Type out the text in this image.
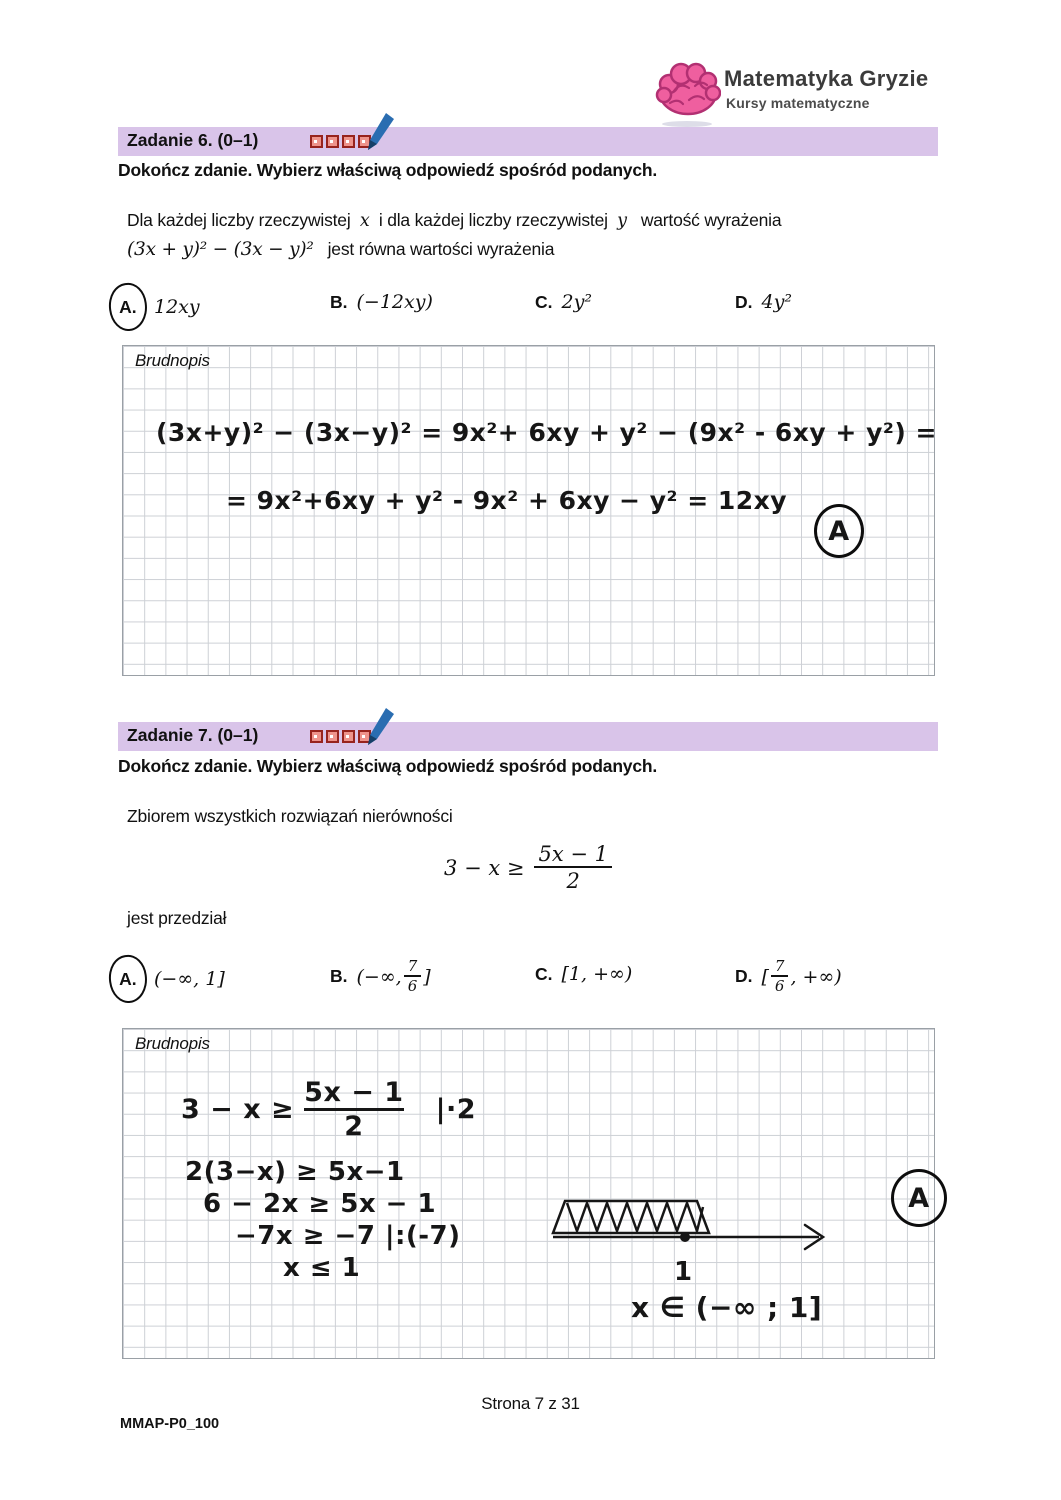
Matematyka Gryzie
Kursy matematyczne
Zadanie 6. (0–1)
Dokończ zdanie. Wybierz właściwą odpowiedź spośród podanych.
Dla każdej liczby rzeczywistej x i dla każdej liczby rzeczywistej y wartość wyrażenia
(3x + y)² − (3x − y)² jest równa wartości wyrażenia
A. 12xy	B. (−12xy)	C. 2y²	D. 4y²
Brudnopis
(3x+y)² − (3x−y)² = 9x²+ 6xy + y² − (9x² - 6xy + y²) =
= 9x²+6xy + y² - 9x² + 6xy − y² = 12xy
A
Zadanie 7. (0–1)
Dokończ zdanie. Wybierz właściwą odpowiedź spośród podanych.
Zbiorem wszystkich rozwiązań nierówności
$3 - x \ge \frac{5x - 1}{2}$
jest przedział
A. (−∞, 1]	B. (−∞, $\frac{7}{6}$ ]	C. [1, +∞)	D. [ $\frac{7}{6}$ , +∞)
Brudnopis
3 − x ≥
5x − 1
2
|·2
2(3−x) ≥ 5x−1
6 − 2x ≥ 5x − 1
−7x ≥ −7 |:(-7)
x ≤ 1	1
x ∈ (−∞ ; 1]
A
Strona 7 z 31
MMAP-P0_100
